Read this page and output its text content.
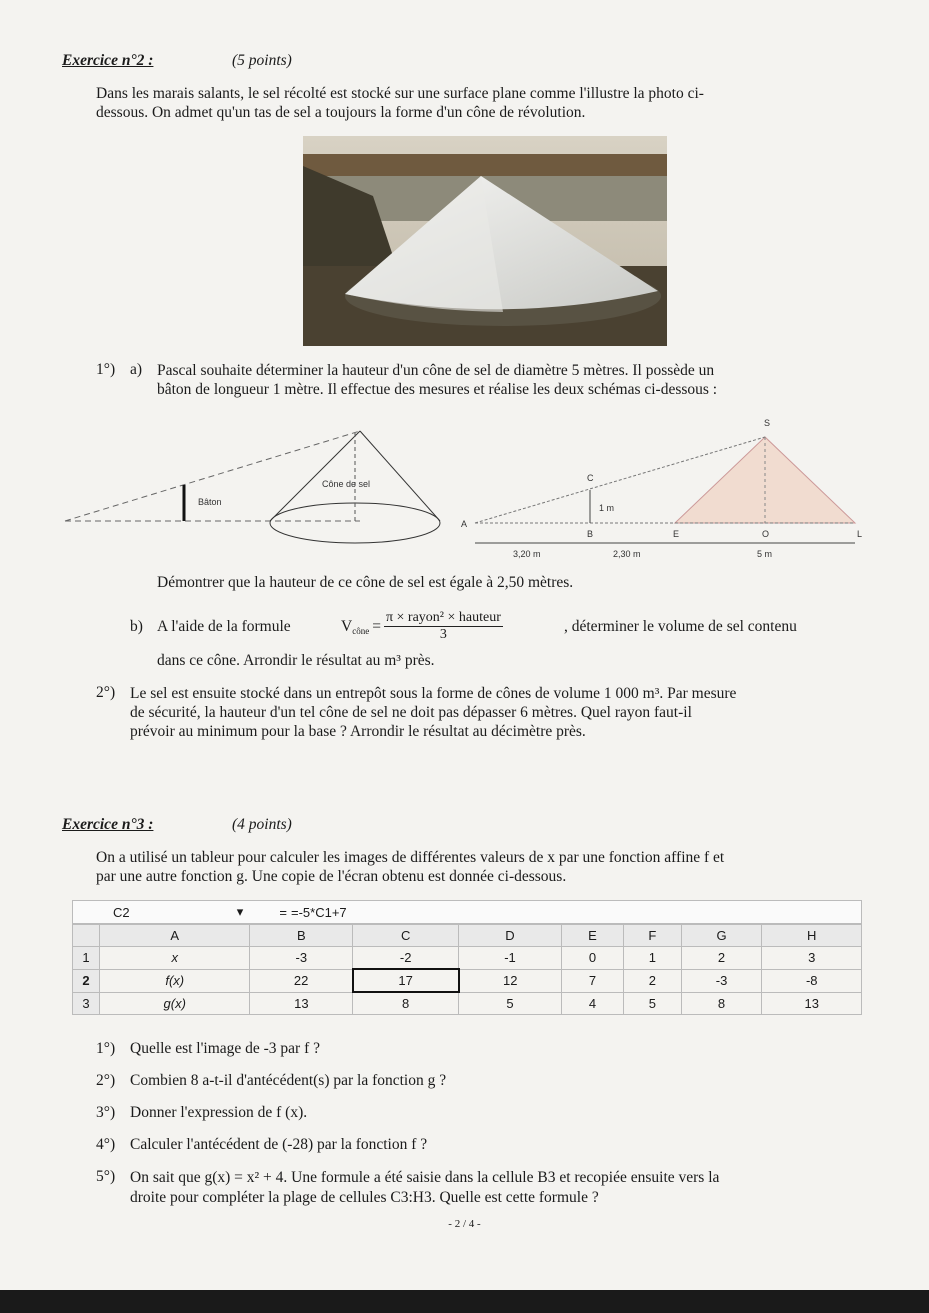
Exercice n°2 :	(5 points)
Dans les marais salants, le sel récolté est stocké sur une surface plane comme l'illustre la photo ci-
dessous. On admet qu'un tas de sel a toujours la forme d'un cône de révolution.
1°) a) Pascal souhaite déterminer la hauteur d'un cône de sel de diamètre 5 mètres. Il possède un
bâton de longueur 1 mètre. Il effectue des mesures et réalise les deux schémas ci-dessous :
Bâton
Cône de sel
S
C
A
B	E	O	L
1 m
3,20 m	2,30 m	5 m
Démontrer que la hauteur de ce cône de sel est égale à 2,50 mètres.
b) A l'aide de la formule	V cône = $\frac{\text{π × rayon² × hauteur}}{3}$	, déterminer le volume de sel contenu
dans ce cône. Arrondir le résultat au m³ près.
2°) Le sel est ensuite stocké dans un entrepôt sous la forme de cônes de volume 1 000 m³. Par mesure
de sécurité, la hauteur d'un tel cône de sel ne doit pas dépasser 6 mètres. Quel rayon faut-il
prévoir au minimum pour la base ? Arrondir le résultat au décimètre près.
Exercice n°3 :	(4 points)
On a utilisé un tableur pour calculer les images de différentes valeurs de x par une fonction affine f et
par une autre fonction g. Une copie de l'écran obtenu est donnée ci-dessous.
C2	▾	= =-5*C1+7
	A	B	C	D	E	F	G	H
1	x	-3	-2	-1	0	1	2	3
2	f(x)	22	17	12	7	2	-3	-8
3	g(x)	13	8	5	4	5	8	13
1°) Quelle est l'image de -3 par f ?
2°) Combien 8 a-t-il d'antécédent(s) par la fonction g ?
3°) Donner l'expression de f (x).
4°) Calculer l'antécédent de (-28) par la fonction f ?
5°) On sait que g(x) = x² + 4. Une formule a été saisie dans la cellule B3 et recopiée ensuite vers la
droite pour compléter la plage de cellules C3:H3. Quelle est cette formule ?
- 2 / 4 -
